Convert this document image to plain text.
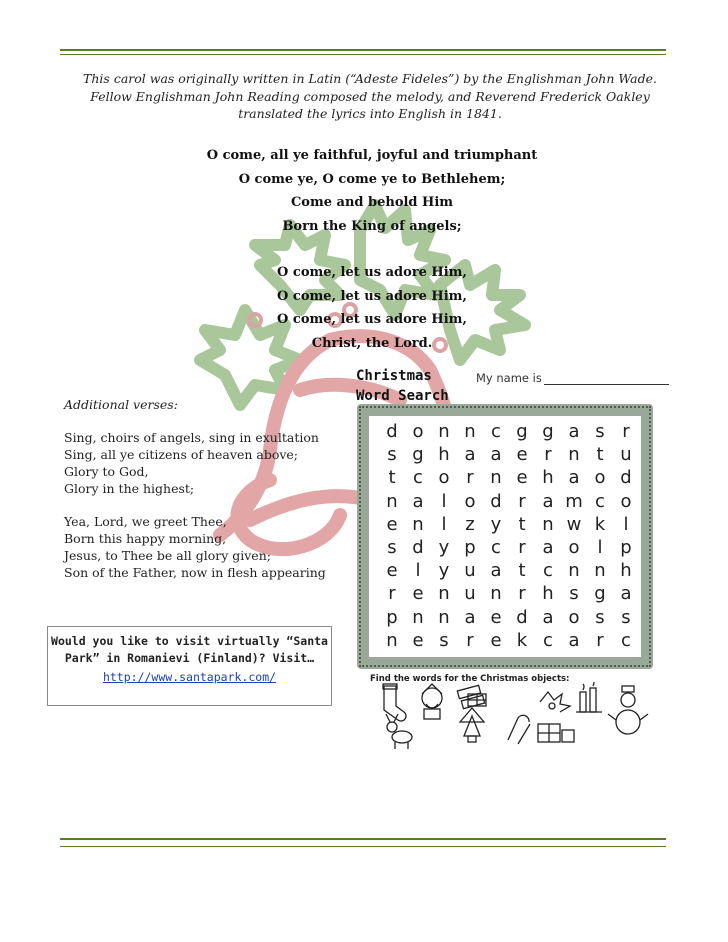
This carol was originally written in Latin (“Adeste Fideles”) by the Englishman John Wade.
Fellow Englishman John Reading composed the melody, and Reverend Frederick Oakley
translated the lyrics into English in 1841.
O come, all ye faithful, joyful and triumphant
O come ye, O come ye to Bethlehem;
Come and behold Him
Born the King of angels;
O come, let us adore Him,
O come, let us adore Him,
O come, let us adore Him,
Christ, the Lord.
Additional verses:
Sing, choirs of angels, sing in exultation
Sing, all ye citizens of heaven above;
Glory to God,
Glory in the highest;
Yea, Lord, we greet Thee,
Born this happy morning,
Jesus, to Thee be all glory given;
Son of the Father, now in flesh appearing
Would you like to visit virtually “Santa
Park” in Romanievi (Finland)? Visit…
http://www.santapark.com/
Christmas
Word Search
My name is
d o n n c g g a s r
s g h a a e r n t u
t c o r n e h a o d
n a l o d r a m c o
e n l	z y t n w k	l
s d y p c r a o l p
e l	y u a t c n n h
r e n u n r h s g a
p n n a e d a o s s
n e s r e k c a r c
Find the words for the Christmas objects:
